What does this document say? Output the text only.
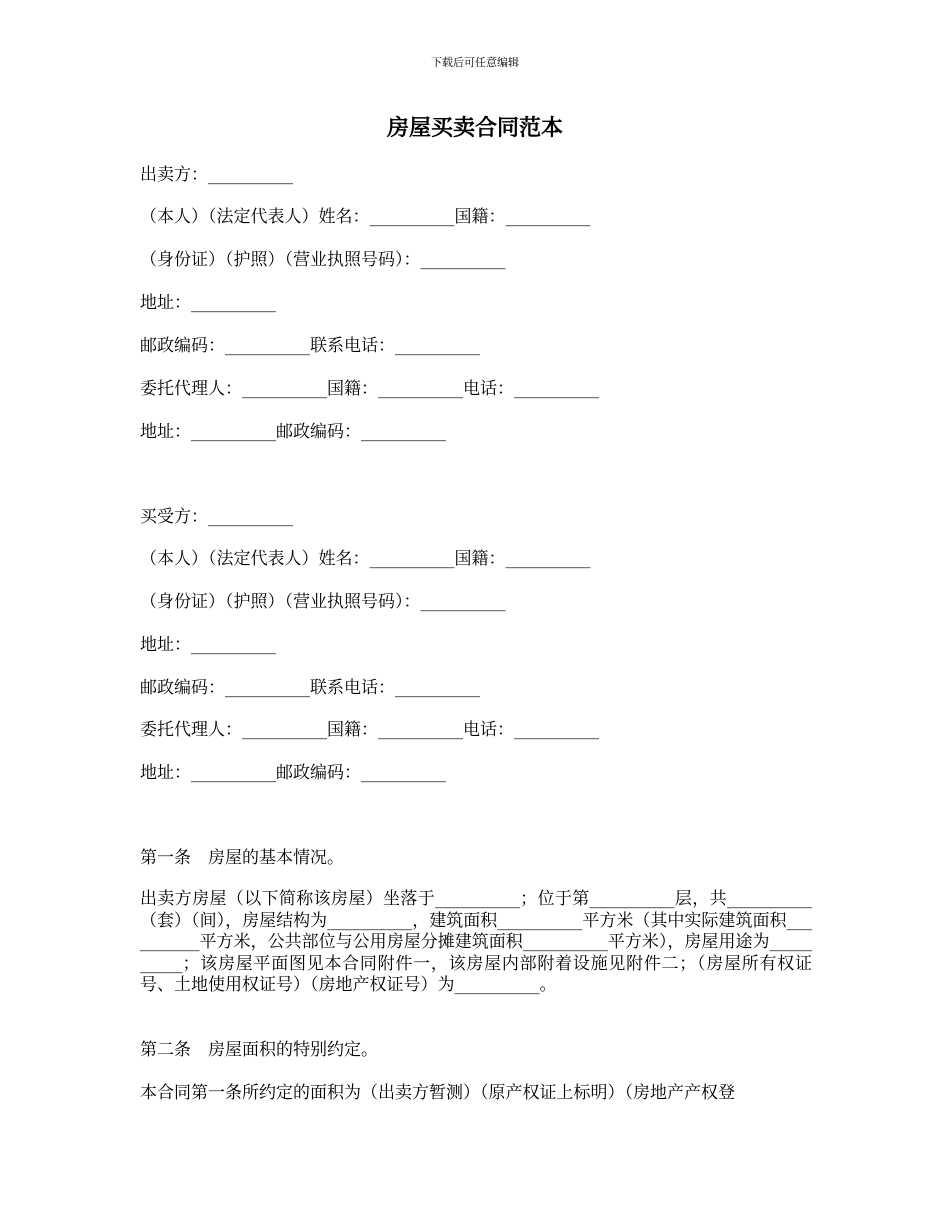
下载后可任意编辑
房屋买卖合同范本
出卖方：__________
（本人）（法定代表人）姓名：__________国籍：__________
（身份证）（护照）（营业执照号码）：__________
地址：__________
邮政编码：__________联系电话：__________
委托代理人：__________国籍：__________电话：__________
地址：__________邮政编码：__________
买受方：__________
（本人）（法定代表人）姓名：__________国籍：__________
（身份证）（护照）（营业执照号码）：__________
地址：__________
邮政编码：__________联系电话：__________
委托代理人：__________国籍：__________电话：__________
地址：__________邮政编码：__________
第一条　房屋的基本情况。
出卖方房屋（以下简称该房屋）坐落于__________；位于第__________层，共__________（套）（间），房屋结构为__________，建筑面积__________平方米（其中实际建筑面积__________平方米，公共部位与公用房屋分摊建筑面积__________平方米），房屋用途为__________；该房屋平面图见本合同附件一，该房屋内部附着设施见附件二；（房屋所有权证号、土地使用权证号）（房地产权证号）为__________。
第二条　房屋面积的特别约定。
本合同第一条所约定的面积为（出卖方暂测）（原产权证上标明）（房地产产权登
